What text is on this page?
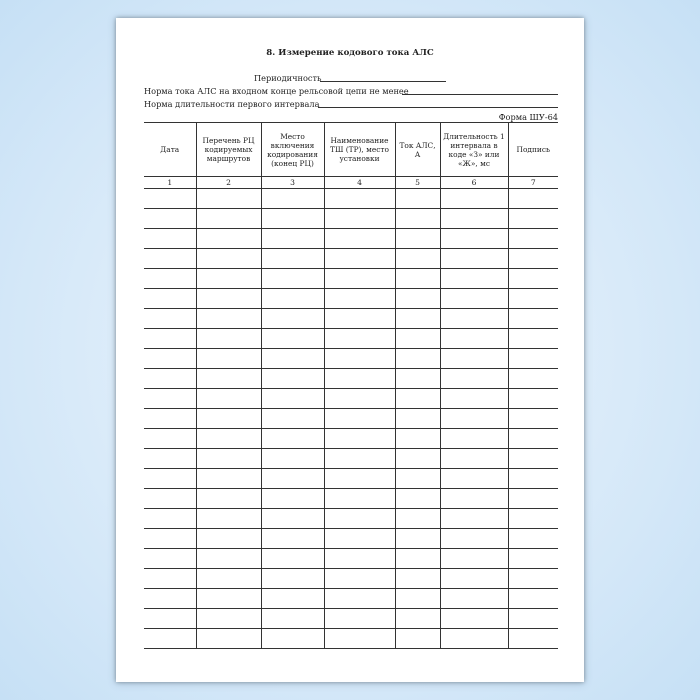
8. Измерение кодового тока АЛС
Периодичность
Норма тока АЛС на входном конце рельсовой цепи не менее
Норма длительности первого интервала
Форма ШУ-64
Дата	Перечень РЦ кодируемых маршрутов	Место включения кодирования (конец РЦ)	Наименование ТШ (ТР), место установки	Ток АЛС, А	Длительность 1 интервала в коде «З» или «Ж», мс	Подпись
1	2	3	4	5	6	7
